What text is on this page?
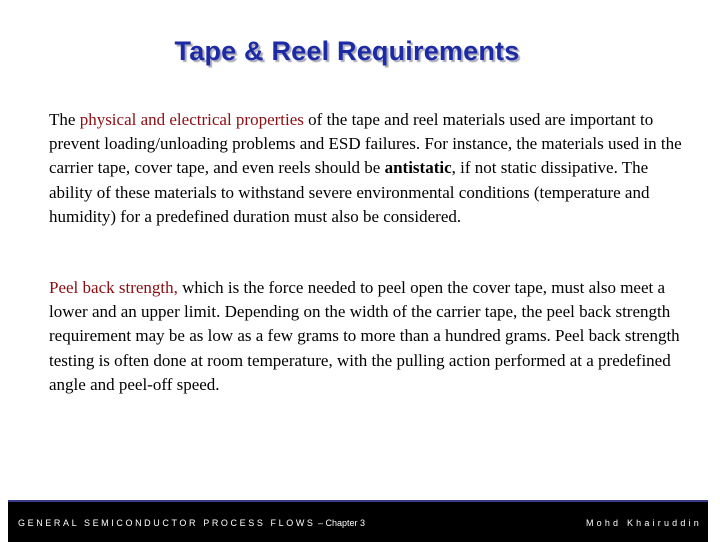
Tape & Reel Requirements
The physical and electrical properties of the tape and reel materials used are important to prevent loading/unloading problems and ESD failures. For instance, the materials used in the carrier tape, cover tape, and even reels should be antistatic, if not static dissipative. The ability of these materials to withstand severe environmental conditions (temperature and humidity) for a predefined duration must also be considered.
Peel back strength, which is the force needed to peel open the cover tape, must also meet a lower and an upper limit. Depending on the width of the carrier tape, the peel back strength requirement may be as low as a few grams to more than a hundred grams. Peel back strength testing is often done at room temperature, with the pulling action performed at a predefined angle and peel-off speed.
GENERAL SEMICONDUCTOR PROCESS FLOWS – Chapter 3	Mohd Khairuddin
